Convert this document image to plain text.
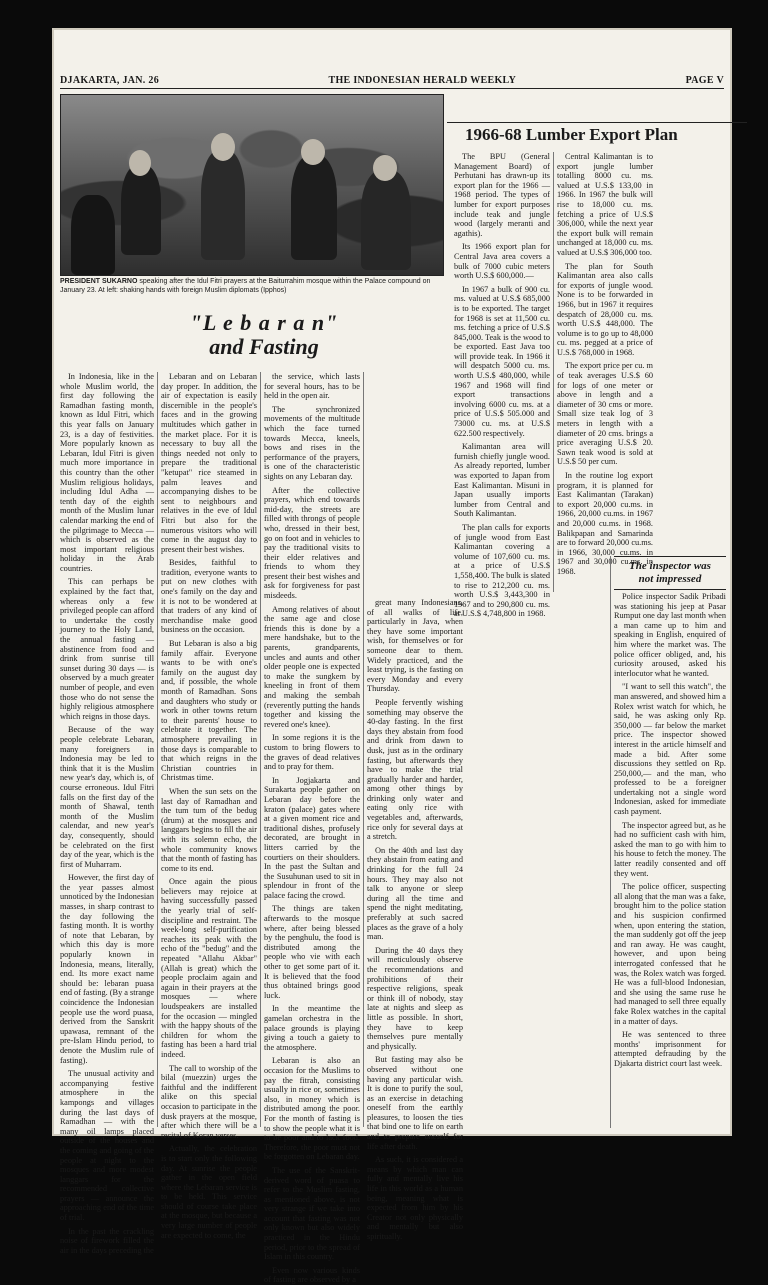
DJAKARTA, JAN. 26	THE INDONESIAN HERALD WEEKLY	PAGE V
PRESIDENT SUKARNO speaking after the Idul Fitri prayers at the Baiturrahim mosque within the Palace compound on January 23. At left: shaking hands with foreign Muslim diplomats (Ipphos)
"L e b a r a n"
and Fasting

In Indonesia, like in the whole Muslim world, the first day following the Ramadhan fasting month, known as Idul Fitri, which this year falls on January 23, is a day of festivities. More popularly known as Lebaran, Idul Fitri is given much more importance in this country than the other Muslim religious holidays, including Idul Adha — tenth day of the eighth month of the Muslim lunar calendar marking the end of the pilgrimage to Mecca — which is observed as the most important religious holiday in the Arab countries.

This can perhaps be explained by the fact that, whereas only a few privileged people can afford to undertake the costly journey to the Holy Land, the annual fasting — abstinence from food and drink from sunrise till sunset during 30 days — is observed by a much greater number of people, and even those who do not sense the highly religious atmosphere which reigns in those days.

Because of the way people celebrate Lebaran, many foreigners in Indonesia may be led to think that it is the Muslim new year's day, which is, of course erroneous. Idul Fitri falls on the first day of the month of Shawal, tenth month of the Muslim calendar, and new year's day, consequently, should be celebrated on the first day of the year, which is the first of Muharram.

However, the first day of the year passes almost unnoticed by the Indonesian masses, in sharp contrast to the day following the fasting month. It is worthy of note that Lebaran, by which this day is more popularly known in Indonesia, means, literally, end. Its more exact name should be: lebaran puasa end of fasting. (By a strange coincidence the Indonesian people use the word puasa, derived from the Sanskrit upawasa, remnant of the pre-Islam Hindu period, to denote the Muslim rule of fasting).

The unusual activity and accompanying festive atmosphere in the kampongs and villages during the last days of Ramadhan — with the many oil lamps placed outside of the houses and the coming and going of the people at night to the mosques and more modest langgars for the recommended collective prayers — announce the approaching end of the time of trial.

In the past the crackling noise of firework filled the air in the days preceding the

Lebaran and on Lebaran day proper. In addition, the air of expectation is easily discernible in the people's faces and in the growing multitudes which gather in the market place. For it is necessary to buy all the things needed not only to prepare the traditional "ketupat" rice steamed in palm leaves and accompanying dishes to be sent to neighbours and relatives in the eve of Idul Fitri but also for the numerous visitors who will come in the august day to present their best wishes.

Besides, faithful to tradition, everyone wants to put on new clothes with one's family on the day and it is not to be wondered at that traders of any kind of merchandise make good business on the occasion.

But Lebaran is also a big family affair. Everyone wants to be with one's family on the august day and, if possible, the whole month of Ramadhan. Sons and daughters who study or work in other towns return to their parents' house to celebrate it together. The atmosphere prevailing in those days is comparable to that which reigns in the Christian countries in Christmas time.

When the sun sets on the last day of Ramadhan and the tum tum of the bedug (drum) at the mosques and langgars begins to fill the air with its solemn echo, the whole community knows that the month of fasting has come to its end.

Once again the pious believers may rejoice at having successfully passed the yearly trial of self-discipline and restraint. The week-long self-purification reaches its peak with the echo of the "bedug" and the repeated "Allahu Akbar" (Allah is great) which the people proclaim again and again in their prayers at the mosques — where loudspeakers are installed for the occasion — mingled with the happy shouts of the children for whom the fasting has been a hard trial indeed.

The call to worship of the bilal (muezzin) urges the faithful and the indifferent alike on this special occasion to participate in the dusk prayers at the mosque, after which there will be a recital of Koran verses.

Actually, the celebration is to start only the following day. At sunrise the people gather in the open field where the Lebaran service is to be held. This service should of course take place at the mosque, but because a very large number of people are expected to come, the

the service, which lasts for several hours, has to be held in the open air.

The synchronized movements of the multitude which the face turned towards Mecca, kneels, bows and rises in the performance of the prayers, is one of the characteristic sights on any Lebaran day.

After the collective prayers, which end towards mid-day, the streets are filled with throngs of people who, dressed in their best, go on foot and in vehicles to pay the traditional visits to their elder relatives and friends to whom they present their best wishes and ask for forgiveness for past misdeeds.

Among relatives of about the same age and close friends this is done by a mere handshake, but to the parents, grandparents, uncles and aunts and other older people one is expected to make the sungkem by kneeling in front of them and making the sembah (reverently putting the hands together and kissing the revered one's knee).

In some regions it is the custom to bring flowers to the graves of dead relatives and to pray for them.

In Jogjakarta and Surakarta people gather on Lebaran day before the kraton (palace) gates where at a given moment rice and traditional dishes, profusely decorated, are brought in litters carried by the courtiers on their shoulders. In the past the Sultan and the Susuhunan used to sit in splendour in front of the palace facing the crowd.

The things are taken afterwards to the mosque where, after being blessed by the penghulu, the food is distributed among the people who vie with each other to get some part of it. It is believed that the food thus obtained brings good luck.

In the meantime the gamelan orchestra in the palace grounds is playing giving a touch a gaiety to the atmosphere.

Lebaran is also an occasion for the Muslims to pay the fitrah, consisting usually in rice or, sometimes also, in money which is distributed among the poor. For the month of fasting is to show the people what it is to be poor and to lack food. Therefore, the poor must not be forgotten on Lebaran day.

The use of the Sanskrit-derived word of puasa to refer to the Muslim fasting, as mentioned above, is not very strange if we take into account that fasting was not only known but also widely practiced in the Hindu period, prior to the spread of Islam in this country.

Even now various kinds of fasting are observed by a

great many Indonesians, of all walks of life, particularly in Java, when they have some important wish, for themselves or for someone dear to them. Widely practiced, and the least trying, is the fasting on every Monday and every Thursday.

People fervently wishing something may observe the 40-day fasting. In the first days they abstain from food and drink from dawn to dusk, just as in the ordinary fasting, but afterwards they have to make the trial gradually harder and harder, among other things by drinking only water and eating only rice with vegetables and, afterwards, rice only for several days at a stretch.

On the 40th and last day they abstain from eating and drinking for the full 24 hours. They may also not talk to anyone or sleep during all the time and spend the night meditating, preferably at such sacred places as the grave of a holy man.

During the 40 days they will meticulously observe the recommendations and prohibitions of their respective religions, speak or think ill of nobody, stay late at nights and sleep as little as possible. In short, they have to keep themselves pure mentally and physically.

But fasting may also be observed without one having any particular wish. It is done to purify the soul, as an exercise in detaching oneself from the earthly pleasures, to loosen the ties that bind one to life on earth and to prepare oneself for life after death.

As such, it is considered a means by which man can fully and mentally live his life in this world as a human being, meaning what is expected from him by his Creator not only physically and mentally but also spiritually.

1966-68 Lumber Export Plan

The BPU (General Management Board) of Perhutani has drawn-up its export plan for the 1966 — 1968 period. The types of lumber for export purposes include teak and jungle wood (largely meranti and agathis).

Its 1966 export plan for Central Java area covers a bulk of 7000 cubic meters worth U.S.$ 600,000.—

In 1967 a bulk of 900 cu. ms. valued at U.S.$ 685,000 is to be exported. The target for 1968 is set at 11,500 cu. ms. fetching a price of U.S.$ 845,000. Teak is the wood to be exported. East Java too will provide teak. In 1966 it will despatch 5000 cu. ms. worth U.S.$ 480,000, while 1967 and 1968 will find export transactions involving 6000 cu. ms. at a price of U.S.$ 505.000 and 73000 cu. ms. at U.S.$ 622.500 respectively.

Kalimantan area will furnish chiefly jungle wood. As already reported, lumber was exported to Japan from East Kalimantan. Misuni in Japan usually imports lumber from Central and South Kalimantan.

The plan calls for exports of jungle wood from East Kalimantan covering a volume of 107,600 cu. ms. at a price of U.S.$ 1,558,400. The bulk is slated to rise to 212,200 cu. ms. worth U.S.$ 3,443,300 in 1967 and to 290,800 cu. ms. at U.S.$ 4,748,800 in 1968.

Central Kalimantan is to export jungle lumber totalling 8000 cu. ms. valued at U.S.$ 133,00 in 1966. In 1967 the bulk will rise to 18,000 cu. ms. fetching a price of U.S.$ 306,000, while the next year the export bulk will remain unchanged at 18,000 cu. ms. valued at U.S.$ 306,000 too.

The plan for South Kalimantan area also calls for exports of jungle wood. None is to be forwarded in 1966, but in 1967 it requires despatch of 28,000 cu. ms. worth U.S.$ 448,000. The volume is to go up to 48,000 cu. ms. pegged at a price of U.S.$ 768,000 in 1968.

The export price per cu. m of teak averages U.S.$ 60 for logs of one meter or above in length and a diameter of 30 cms or more. Small size teak log of 3 meters in length with a diameter of 20 cms. brings a price averaging U.S.$ 20. Sawn teak wood is sold at U.S.$ 50 per cum.

In the routine log export program, it is planned for East Kalimantan (Tarakan) to export 20,000 cu.ms. in 1966, 20,000 cu.ms. in 1967 and 20,000 cu.ms. in 1968. Balikpapan and Samarinda are to forward 20,000 cu.ms. in 1966, 30,000 cu.ms. in 1967 and 30,000 cu.ms. in 1968.	The inspector was
not impressed

Police inspector Sadik Pribadi was stationing his jeep at Pasar Rumput one day last month when a man came up to him and speaking in English, enquired of him where the market was. The police officer obliged, and, his curiosity aroused, asked his interlocutor what he wanted.

"I want to sell this watch", the man answered, and showed him a Rolex wrist watch for which, he said, he was asking only Rp. 350,000 — far below the market price. The inspector showed interest in the article himself and made a bid. After some discussions they settled on Rp. 250,000,— and the man, who professed to be a foreigner undertaking not a single word Indonesian, asked for immediate cash payment.

The inspector agreed but, as he had no sufficient cash with him, asked the man to go with him to his house to fetch the money. The latter readily consented and off they went.

The police officer, suspecting all along that the man was a fake, brought him to the police station and his suspicion confirmed when, upon entering the station, the man suddenly got off the jeep and ran away. He was caught, however, and upon being interrogated confessed that he was, the Rolex watch was forged. He was a full-blood Indonesian, and she using the same ruse he had managed to sell three equally fake Rolex watches in the capital in a matter of days.

He was sentenced to three months' imprisonment for attempted defrauding by the Djakarta district court last week.
